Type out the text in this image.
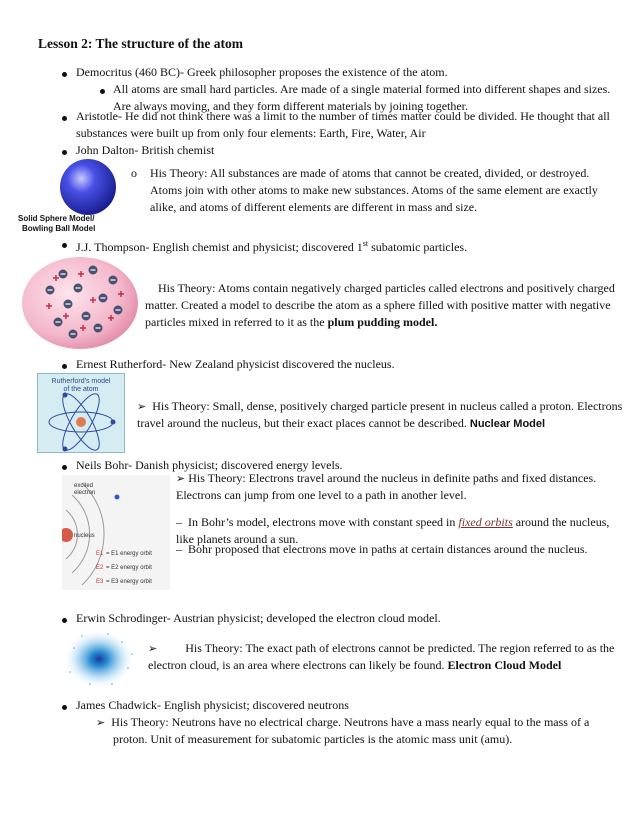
Lesson 2: The structure of the atom
Democritus (460 BC)- Greek philosopher proposes the existence of the atom.
All atoms are small hard particles. Are made of a single material formed into different shapes and sizes.
Are always moving, and they form different materials by joining together.
Aristotle- He did not think there was a limit to the number of times matter could be divided. He thought that all
substances were built up from only four elements: Earth, Fire, Water, Air
John Dalton- British chemist
Solid Sphere Model/
Bowling Ball Model
o His Theory: All substances are made of atoms that cannot be created, divided, or destroyed.
Atoms join with other atoms to make new substances. Atoms of the same element are exactly
alike, and atoms of different elements are different in mass and size.
J.J. Thompson- English chemist and physicist; discovered 1st subatomic particles.
His Theory: Atoms contain negatively charged particles called electrons and positively charged
matter. Created a model to describe the atom as a sphere filled with positive matter with negative
particles mixed in referred to it as the plum pudding model.
Ernest Rutherford- New Zealand physicist discovered the nucleus.
Rutherford's model
of the atom
➢ His Theory: Small, dense, positively charged particle present in nucleus called a proton. Electrons
travel around the nucleus, but their exact places cannot be described. Nuclear Model
Neils Bohr- Danish physicist; discovered energy levels.
excited
electron
nucleus
E1 = E1 energy orbit
E2 = E2 energy orbit
E3 = E3 energy orbit
➢ His Theory: Electrons travel around the nucleus in definite paths and fixed distances.
Electrons can jump from one level to a path in another level.
– In Bohr’s model, electrons move with constant speed in fixed orbits around the nucleus,
like planets around a sun.
– Bohr proposed that electrons move in paths at certain distances around the nucleus.
Erwin Schrodinger- Austrian physicist; developed the electron cloud model.
➢ His Theory: The exact path of electrons cannot be predicted. The region referred to as the
electron cloud, is an area where electrons can likely be found. Electron Cloud Model
James Chadwick- English physicist; discovered neutrons
➢ His Theory: Neutrons have no electrical charge. Neutrons have a mass nearly equal to the mass of a
proton. Unit of measurement for subatomic particles is the atomic mass unit (amu).
